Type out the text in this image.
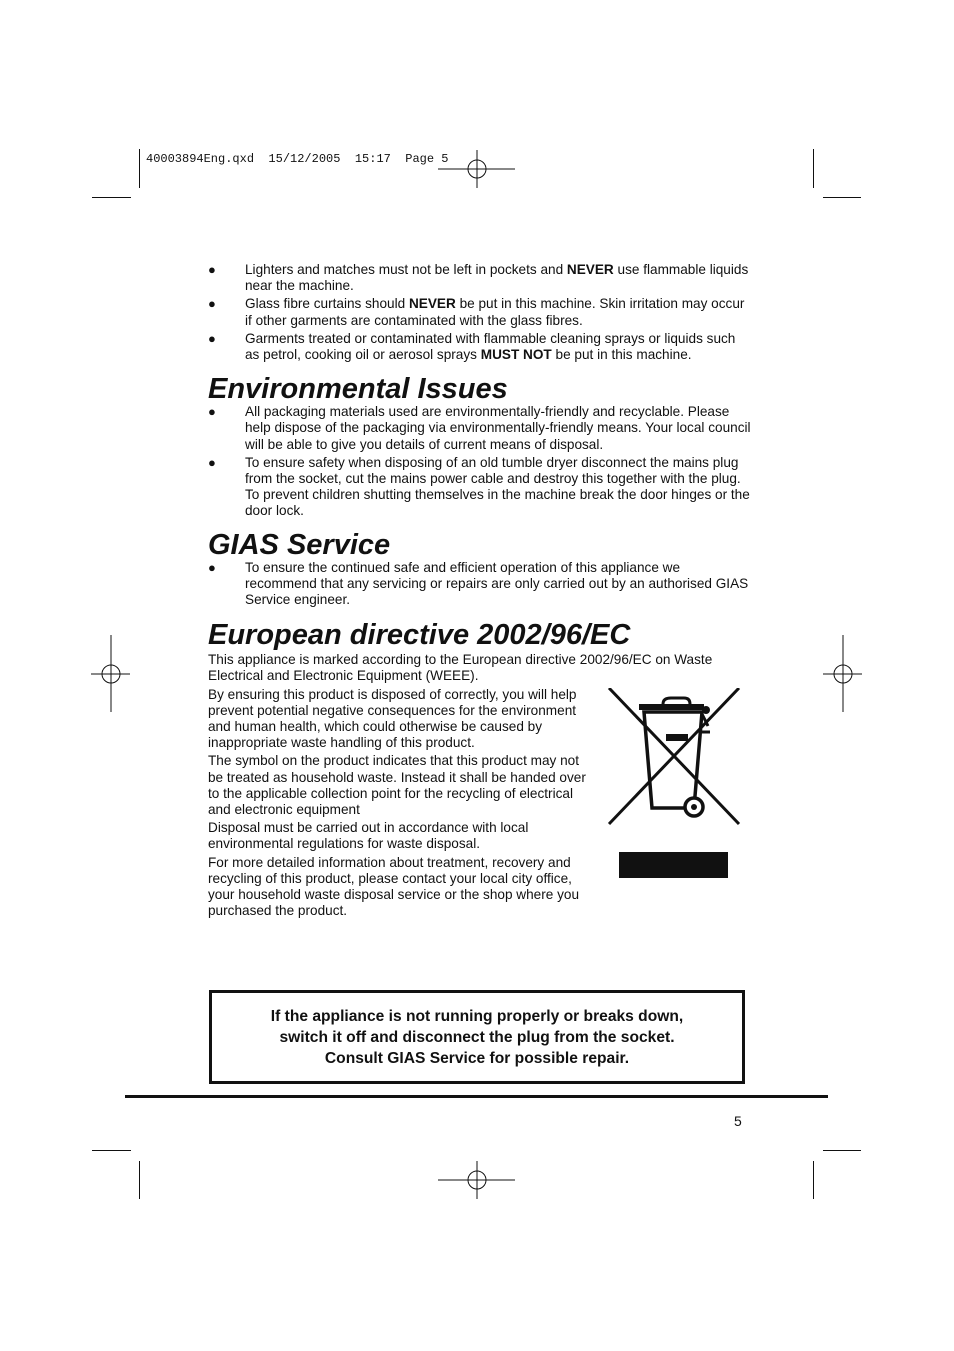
40003894Eng.qxd  15/12/2005  15:17  Page 5
● Lighters and matches must not be left in pockets and NEVER use flammable liquids near the machine.
● Glass fibre curtains should NEVER be put in this machine. Skin irritation may occur if other garments are contaminated with the glass fibres.
● Garments treated or contaminated with flammable cleaning sprays or liquids such as petrol, cooking oil or aerosol sprays MUST NOT be put in this machine.
Environmental Issues
● All packaging materials used are environmentally-friendly and recyclable. Please help dispose of the packaging via environmentally-friendly means. Your local council will be able to give you details of current means of disposal.
● To ensure safety when disposing of an old tumble dryer disconnect the mains plug from the socket, cut the mains power cable and destroy this together with the plug. To prevent children shutting themselves in the machine break the door hinges or the door lock.
GIAS Service
● To ensure the continued safe and efficient operation of this appliance we recommend that any servicing or repairs are only carried out by an authorised GIAS Service engineer.
European directive 2002/96/EC

This appliance is marked according to the European directive 2002/96/EC on Waste Electrical and Electronic Equipment (WEEE).

By ensuring this product is disposed of correctly, you will help prevent potential negative consequences for the environment and human health, which could otherwise be caused by inappropriate waste handling of this product.

The symbol on the product indicates that this product may not be treated as household waste. Instead it shall be handed over to the applicable collection point for the recycling of electrical and electronic equipment

Disposal must be carried out in accordance with local environmental regulations for waste disposal.

For more detailed information about treatment, recovery and recycling of this product, please contact your local city office, your household waste disposal service or the shop where you purchased the product.

If the appliance is not running properly or breaks down,
switch it off and disconnect the plug from the socket.
Consult GIAS Service for possible repair.
5
